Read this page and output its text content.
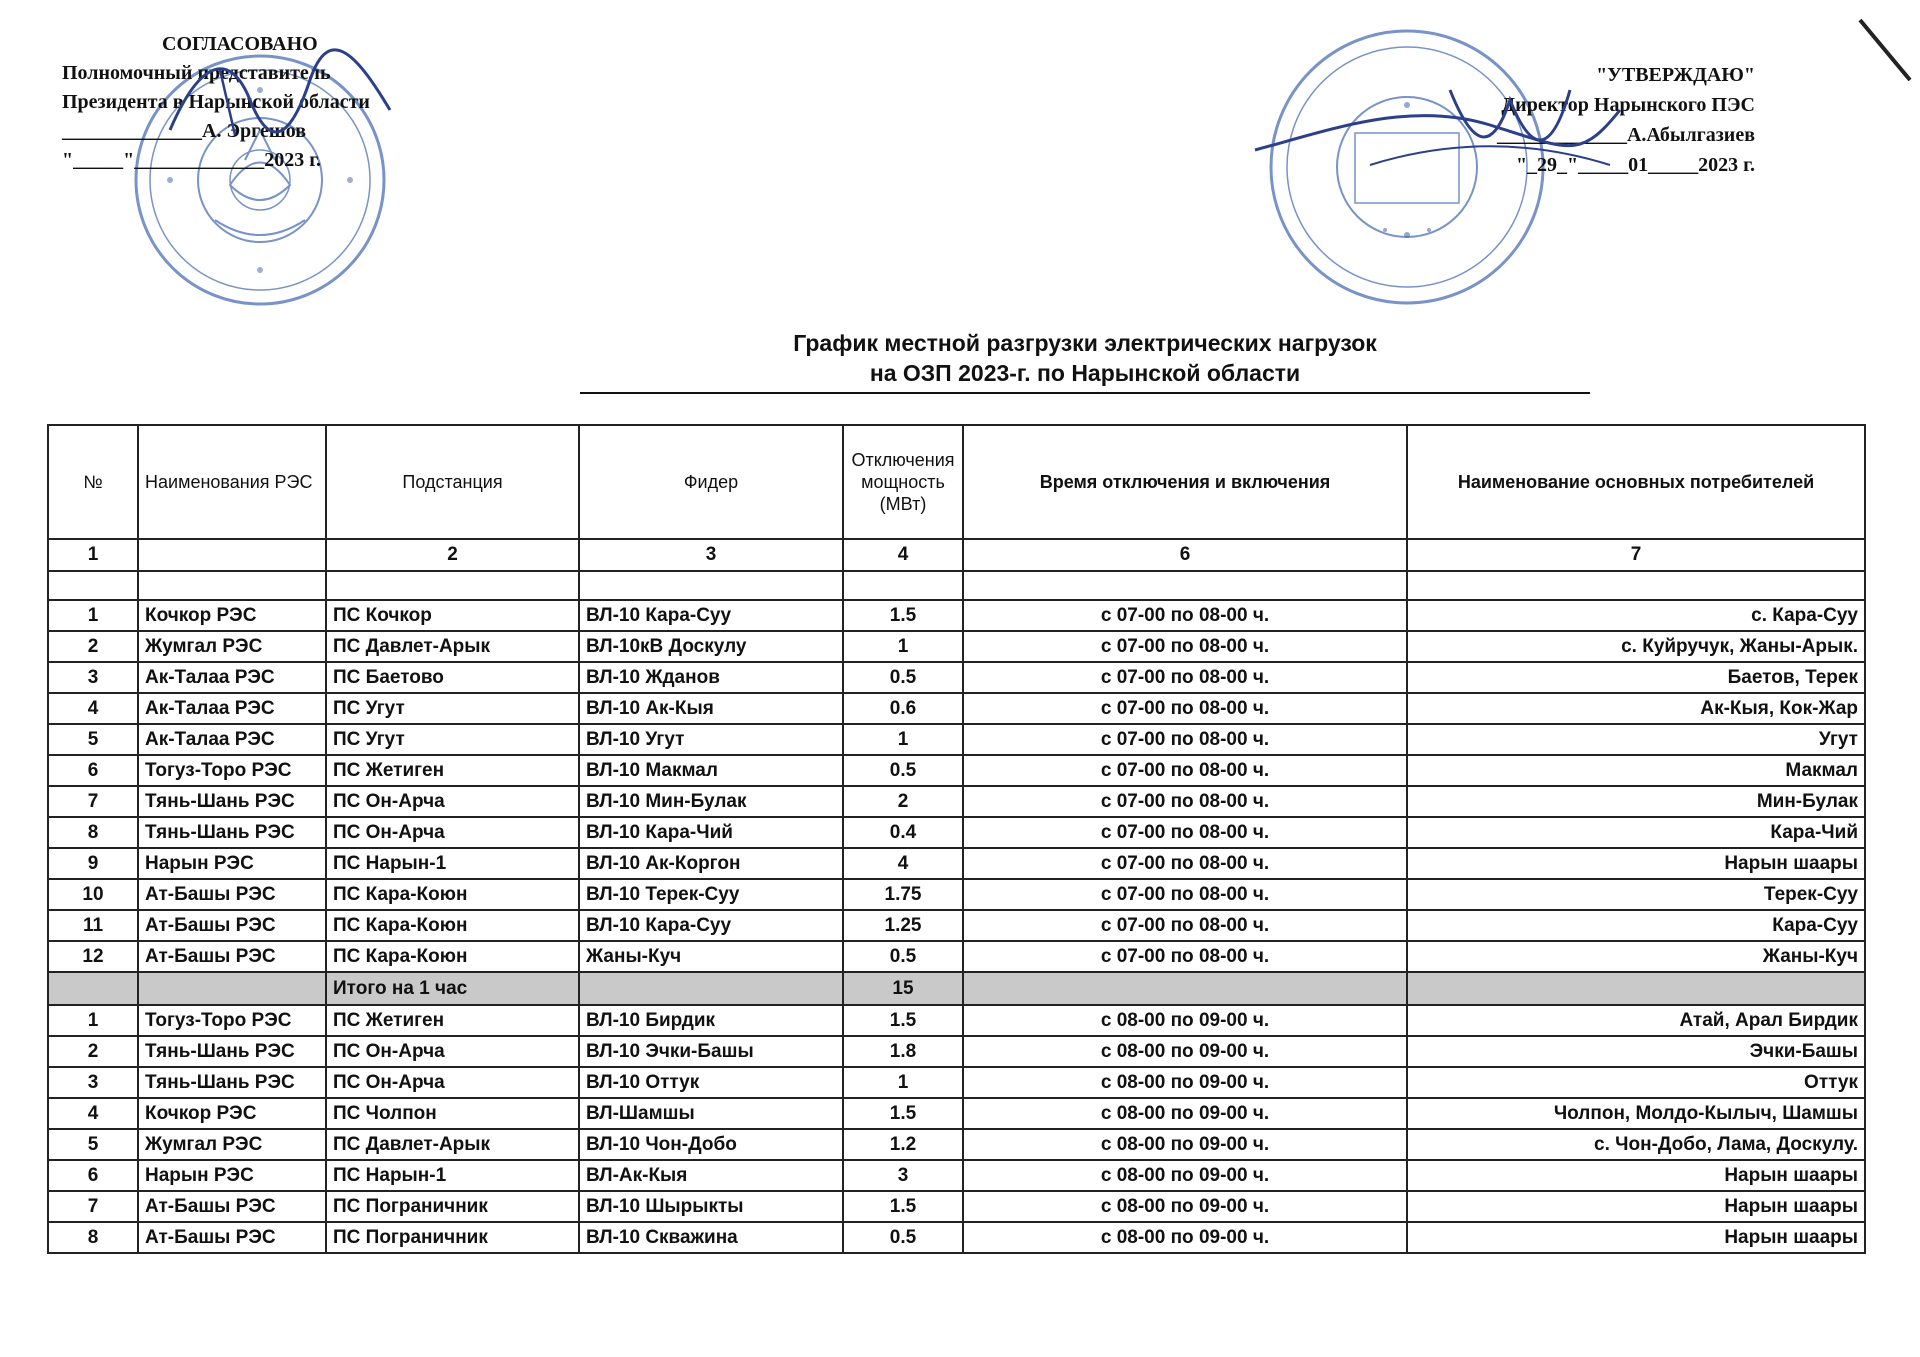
СОГЛАСОВАНО
Полномочный представитель
Президента в Нарынской области
______________А. Эргешов
"_____"_____________2023 г.
"УТВЕРЖДАЮ"
Директор Нарынского ПЭС
_____________А.Абылгазиев
"_29_"_____01_____2023 г.
График местной разгрузки электрических нагрузок
на ОЗП 2023-г. по Нарынской области
№	Наименования РЭС	Подстанция	Фидер	Отключения мощность (МВт)	Время отключения и включения	Наименование основных потребителей
1		2	3	4	6	7

1	Кочкор РЭС	ПС Кочкор	ВЛ-10 Кара-Суу	1.5	с 07-00 по 08-00 ч.	с. Кара-Суу
2	Жумгал РЭС	ПС Давлет-Арык	ВЛ-10кВ Доскулу	1	с 07-00 по 08-00 ч.	с. Куйручук, Жаны-Арык.
3	Ак-Талаа РЭС	ПС Баетово	ВЛ-10 Жданов	0.5	с 07-00 по 08-00 ч.	Баетов, Терек
4	Ак-Талаа РЭС	ПС Угут	ВЛ-10 Ак-Кыя	0.6	с 07-00 по 08-00 ч.	Ак-Кыя, Кок-Жар
5	Ак-Талаа РЭС	ПС Угут	ВЛ-10 Угут	1	с 07-00 по 08-00 ч.	Угут
6	Тогуз-Торо РЭС	ПС Жетиген	ВЛ-10 Макмал	0.5	с 07-00 по 08-00 ч.	Макмал
7	Тянь-Шань РЭС	ПС Он-Арча	ВЛ-10 Мин-Булак	2	с 07-00 по 08-00 ч.	Мин-Булак
8	Тянь-Шань РЭС	ПС Он-Арча	ВЛ-10 Кара-Чий	0.4	с 07-00 по 08-00 ч.	Кара-Чий
9	Нарын РЭС	ПС Нарын-1	ВЛ-10 Ак-Коргон	4	с 07-00 по 08-00 ч.	Нарын шаары
10	Ат-Башы РЭС	ПС Кара-Коюн	ВЛ-10 Терек-Суу	1.75	с 07-00 по 08-00 ч.	Терек-Суу
11	Ат-Башы РЭС	ПС Кара-Коюн	ВЛ-10 Кара-Суу	1.25	с 07-00 по 08-00 ч.	Кара-Суу
12	Ат-Башы РЭС	ПС Кара-Коюн	Жаны-Куч	0.5	с 07-00 по 08-00 ч.	Жаны-Куч
		Итого на 1 час		15		
1	Тогуз-Торо РЭС	ПС Жетиген	ВЛ-10 Бирдик	1.5	с 08-00 по 09-00 ч.	Атай, Арал Бирдик
2	Тянь-Шань РЭС	ПС Он-Арча	ВЛ-10 Эчки-Башы	1.8	с 08-00 по 09-00 ч.	Эчки-Башы
3	Тянь-Шань РЭС	ПС Он-Арча	ВЛ-10 Оттук	1	с 08-00 по 09-00 ч.	Оттук
4	Кочкор РЭС	ПС Чолпон	ВЛ-Шамшы	1.5	с 08-00 по 09-00 ч.	Чолпон, Молдо-Кылыч, Шамшы
5	Жумгал РЭС	ПС Давлет-Арык	ВЛ-10 Чон-Добо	1.2	с 08-00 по 09-00 ч.	с. Чон-Добо, Лама, Доскулу.
6	Нарын РЭС	ПС Нарын-1	ВЛ-Ак-Кыя	3	с 08-00 по 09-00 ч.	Нарын шаары
7	Ат-Башы РЭС	ПС Пограничник	ВЛ-10 Шырыкты	1.5	с 08-00 по 09-00 ч.	Нарын шаары
8	Ат-Башы РЭС	ПС Пограничник	ВЛ-10 Скважина	0.5	с 08-00 по 09-00 ч.	Нарын шаары
